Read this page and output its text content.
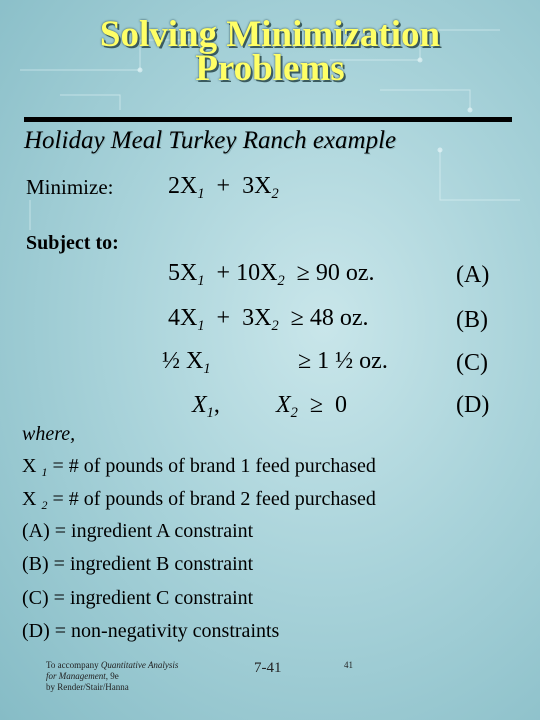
Solving Minimization
Problems
Holiday Meal Turkey Ranch example
Minimize: $2X_1 + 3X_2$
Subject to:
$5X_1 + 10X_2 \ge 90$ oz.	(A)
$4X_1 + 3X_2 \ge 48$ oz.	(B)
½ $X_1$	≥ 1 ½ oz.	(C)
$X_1$, $X_2 \ge 0$	(D)
where,
X $_1$ = # of pounds of brand 1 feed purchased
X $_2$ = # of pounds of brand 2 feed purchased
(A) = ingredient A constraint
(B) = ingredient B constraint
(C) = ingredient C constraint
(D) = non-negativity constraints
To accompany Quantitative Analysis
for Management, 9e
by Render/Stair/Hanna
7-41	41
